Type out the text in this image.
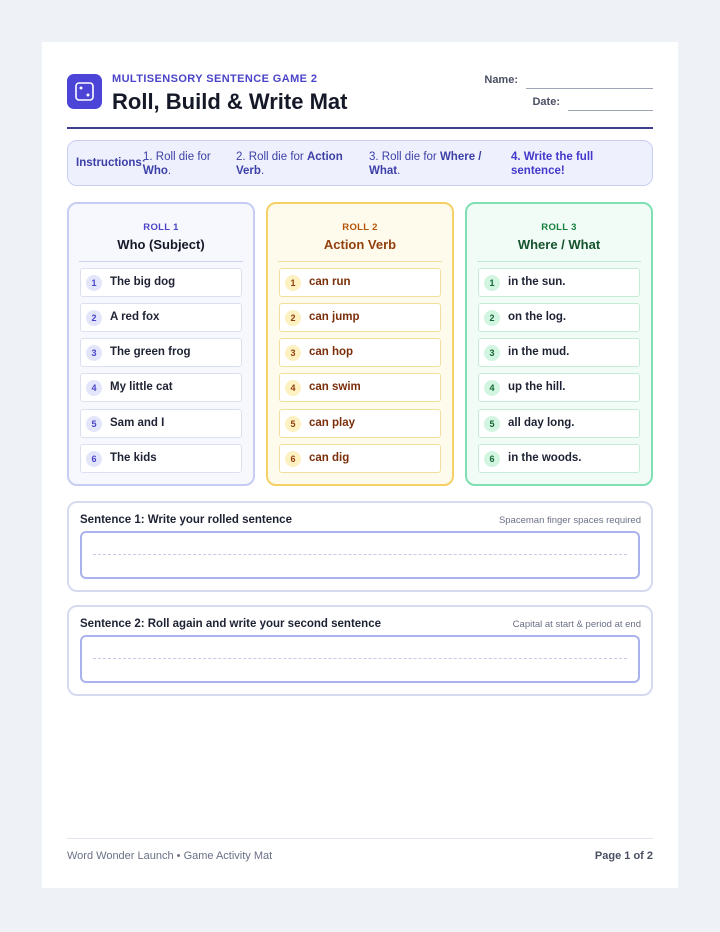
MULTISENSORY SENTENCE GAME 2
Roll, Build & Write Mat
Name:
Date:
Instructions:
1. Roll die for Who.
2. Roll die for Action Verb.
3. Roll die for Where / What.
4. Write the full sentence!
ROLL 1
Who (Subject)
1	The big dog
2	A red fox
3	The green frog
4	My little cat
5	Sam and I
6	The kids
ROLL 2
Action Verb
1	can run
2	can jump
3	can hop
4	can swim
5	can play
6	can dig
ROLL 3
Where / What
1	in the sun.
2	on the log.
3	in the mud.
4	up the hill.
5	all day long.
6	in the woods.
Sentence 1: Write your rolled sentence	Spaceman finger spaces required
Sentence 2: Roll again and write your second sentence	Capital at start & period at end
Word Wonder Launch • Game Activity Mat	Page 1 of 2
